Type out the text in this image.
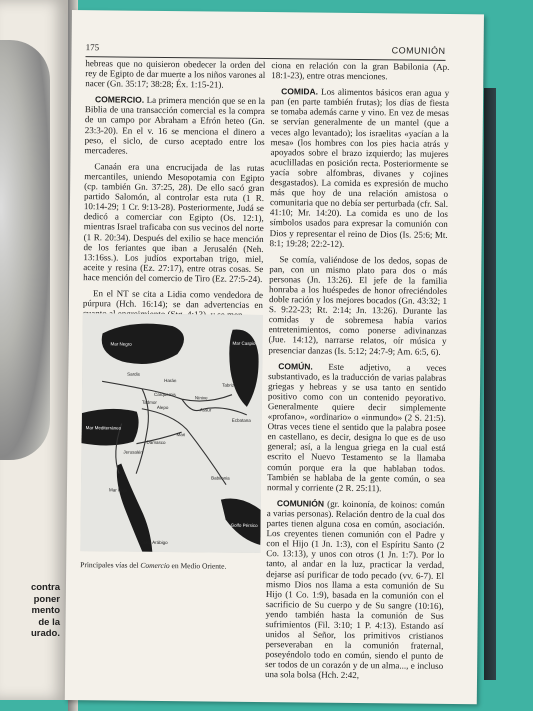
contra
poner
mento
de la
urado.
175	COMUNIÓN

hebreas que no quisieron obedecer la orden del rey de Egipto de dar muerte a los niños varones al nacer (Gn. 35:17; 38:28; Éx. 1:15-21).

COMERCIO. La primera mención que se en la Biblia de una transacción comercial es la compra de un campo por Abraham a Efrón heteo (Gn. 23:3-20). En el v. 16 se menciona el dinero a peso, el siclo, de curso aceptado entre los mercaderes.

Canaán era una encrucijada de las rutas mercantiles, uniendo Mesopotamia con Egipto (cp. también Gn. 37:25, 28). De ello sacó gran partido Salomón, al controlar esta ruta (1 R. 10:14-29; 1 Cr. 9:13-28). Posteriormente, Judá se dedicó a comerciar con Egipto (Os. 12:1), mientras Israel traficaba con sus vecinos del norte (1 R. 20:34). Después del exilio se hace mención de los feriantes que iban a Jerusalén (Neh. 13:16ss.). Los judíos exportaban trigo, miel, aceite y resina (Ez. 27:17), entre otras cosas. Se hace mención del comercio de Tiro (Ez. 27:5-24).

En el NT se cita a Lidia como vendedora de púrpura (Hch. 16:14); se dan advertencias en

Mar Negro	Mar Caspio
Sardis
Harán
Carquemis
Tadmor
Alepo
Nínive
Assur
Tabriz
Ecbatana
Mar Mediterráneo
Damasco
Mari
Jerusalén
Babilonia
Golfo Pérsico
Mar Rojo
Golfo Arábigo
Principales vías del Comercio en Medio Oriente.

ciona en relación con la gran Babilonia (Ap. 18:1-23), entre otras menciones.

COMIDA. Los alimentos básicos eran agua y pan (en parte también frutas); los días de fiesta se tomaba además carne y vino. En vez de mesas se servían generalmente de un mantel (que a veces algo levantado); los israelitas «yacían a la mesa» (los hombres con los pies hacia atrás y apoyados sobre el brazo izquierdo; las mujeres acuclilladas en posición recta. Posteriormente se yacía sobre alfombras, divanes y cojines desgastados). La comida es expresión de mucho más que hoy de una relación amistosa o comunitaria que no debía ser perturbada (cfr. Sal. 41:10; Mr. 14:20). La comida es uno de los símbolos usados para expresar la comunión con Dios y representar el reino de Dios (Is. 25:6; Mt. 8:1; 19:28; 22:2-12).

Se comía, valiéndose de los dedos, sopas de pan, con un mismo plato para dos o más personas (Jn. 13:26). El jefe de la familia honraba a los huéspedes de honor ofreciéndoles doble ración y los mejores bocados (Gn. 43:32; 1 S. 9:22-23; Rt. 2:14; Jn. 13:26). Durante las comidas y de sobremesa había varios entretenimientos, como ponerse adivinanzas (Jue. 14:12), narrarse relatos, oír música y presenciar danzas (Is. 5:12; 24:7-9; Am. 6:5, 6).

COMÚN. Este adjetivo, a veces substantivado, es la traducción de varias palabras griegas y hebreas y se usa tanto en sentido positivo como con un contenido peyorativo. Generalmente quiere decir simplemente «profano», «ordinario» o «inmundo» (2 S. 21:5). Otras veces tiene el sentido que la palabra posee en castellano, es decir, designa lo que es de uso general; así, a la lengua griega en la cual está escrito el Nuevo Testamento se la llamaba común porque era la que hablaban todos. También se hablaba de la gente común, o sea normal y corriente (2 R. 25:11).

COMUNIÓN (gr. koinonía, de koinos: común a varias personas). Relación dentro de la cual dos partes tienen alguna cosa en común, asociación. Los creyentes tienen comunión con el Padre y con el Hijo (1 Jn. 1:3), con el Espíritu Santo (2 Co. 13:13), y unos con otros (1 Jn. 1:7). Por lo tanto, al andar en la luz, practicar la verdad, dejarse así purificar de todo pecado (vv. 6-7). El mismo Dios nos llama a esta comunión de Su Hijo (1 Co. 1:9), basada en la comunión con el sacrificio de Su cuerpo y de Su sangre (10:16), yendo también hasta la comunión de Sus sufrimientos (Fil. 3:10; 1 P. 4:13). Estando así unidos al Señor, los primitivos cristianos perseveraban en la comunión fraternal, poseyéndolo todo en común, siendo el punto de ser todos de un corazón y de un alma..., e incluso una sola bolsa (Hch. 2:42,
